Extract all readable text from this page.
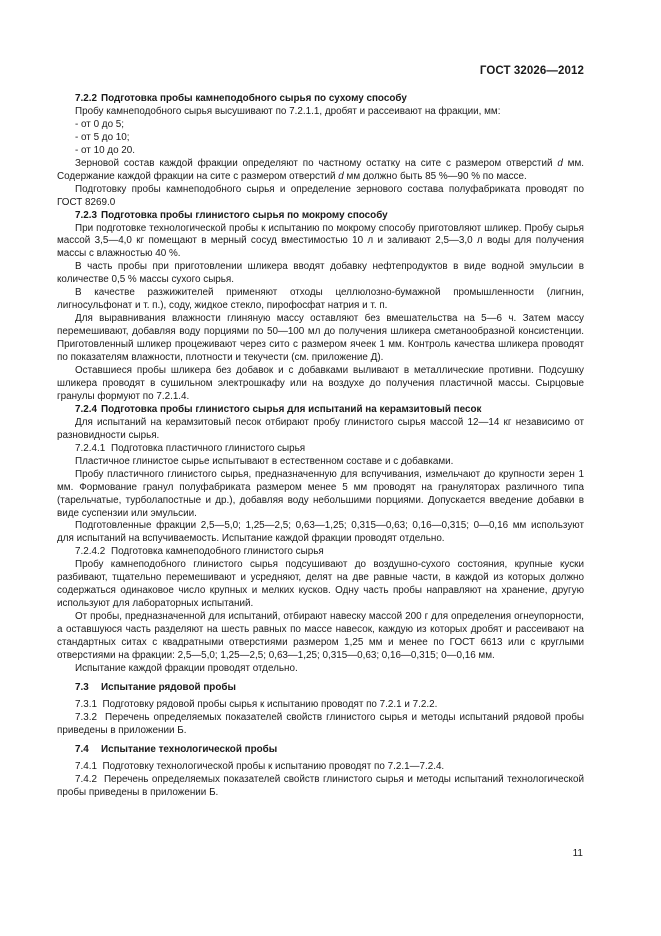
ГОСТ 32026—2012
7.2.2 Подготовка пробы камнеподобного сырья по сухому способу

Пробу камнеподобного сырья высушивают по 7.2.1.1, дробят и рассеивают на фракции, мм:

- от 0 до 5;
- от 5 до 10;
- от 10 до 20.

Зерновой состав каждой фракции определяют по частному остатку на сите с размером отверстий d мм. Содержание каждой фракции на сите с размером отверстий d мм должно быть 85 %—90 % по массе.

Подготовку пробы камнеподобного сырья и определение зернового состава полуфабриката проводят по ГОСТ 8269.0

7.2.3 Подготовка пробы глинистого сырья по мокрому способу

При подготовке технологической пробы к испытанию по мокрому способу приготовляют шликер. Пробу сырья массой 3,5—4,0 кг помещают в мерный сосуд вместимостью 10 л и заливают 2,5—3,0 л воды для получения массы с влажностью 40 %.

В часть пробы при приготовлении шликера вводят добавку нефтепродуктов в виде водной эмульсии в количестве 0,5 % массы сухого сырья.

В качестве разжижителей применяют отходы целлюлозно-бумажной промышленности (лигнин, лигносульфонат и т. п.), соду, жидкое стекло, пирофосфат натрия и т. п.

Для выравнивания влажности глиняную массу оставляют без вмешательства на 5—6 ч. Затем массу перемешивают, добавляя воду порциями по 50—100 мл до получения шликера сметанообразной консистенции. Приготовленный шликер процеживают через сито с размером ячеек 1 мм. Контроль качества шликера проводят по показателям влажности, плотности и текучести (см. приложение Д).

Оставшиеся пробы шликера без добавок и с добавками выливают в металлические противни. Подсушку шликера проводят в сушильном электрошкафу или на воздухе до получения пластичной массы. Сырцовые гранулы формуют по 7.2.1.4.

7.2.4 Подготовка пробы глинистого сырья для испытаний на керамзитовый песок

Для испытаний на керамзитовый песок отбирают пробу глинистого сырья массой 12—14 кг независимо от разновидности сырья.

7.2.4.1 Подготовка пластичного глинистого сырья

Пластичное глинистое сырье испытывают в естественном составе и с добавками.

Пробу пластичного глинистого сырья, предназначенную для вспучивания, измельчают до крупности зерен 1 мм. Формование гранул полуфабриката размером менее 5 мм проводят на грануляторах различного типа (тарельчатые, турболапостные и др.), добавляя воду небольшими порциями. Допускается введение добавки в виде суспензии или эмульсии.

Подготовленные фракции 2,5—5,0; 1,25—2,5; 0,63—1,25; 0,315—0,63; 0,16—0,315; 0—0,16 мм используют для испытаний на вспучиваемость. Испытание каждой фракции проводят отдельно.

7.2.4.2 Подготовка камнеподобного глинистого сырья

Пробу камнеподобного глинистого сырья подсушивают до воздушно-сухого состояния, крупные куски разбивают, тщательно перемешивают и усредняют, делят на две равные части, в каждой из которых должно содержаться одинаковое число крупных и мелких кусков. Одну часть пробы направляют на хранение, другую используют для лабораторных испытаний.

От пробы, предназначенной для испытаний, отбирают навеску массой 200 г для определения огнеупорности, а оставшуюся часть разделяют на шесть равных по массе навесок, каждую из которых дробят и рассеивают на стандартных ситах с квадратными отверстиями размером 1,25 мм и менее по ГОСТ 6613 или с круглыми отверстиями на фракции: 2,5—5,0; 1,25—2,5; 0,63—1,25; 0,315—0,63; 0,16—0,315; 0—0,16 мм.

Испытание каждой фракции проводят отдельно.

7.3 Испытание рядовой пробы

7.3.1 Подготовку рядовой пробы сырья к испытанию проводят по 7.2.1 и 7.2.2.

7.3.2 Перечень определяемых показателей свойств глинистого сырья и методы испытаний рядовой пробы приведены в приложении Б.

7.4 Испытание технологической пробы

7.4.1 Подготовку технологической пробы к испытанию проводят по 7.2.1—7.2.4.

7.4.2 Перечень определяемых показателей свойств глинистого сырья и методы испытаний технологической пробы приведены в приложении Б.

11
